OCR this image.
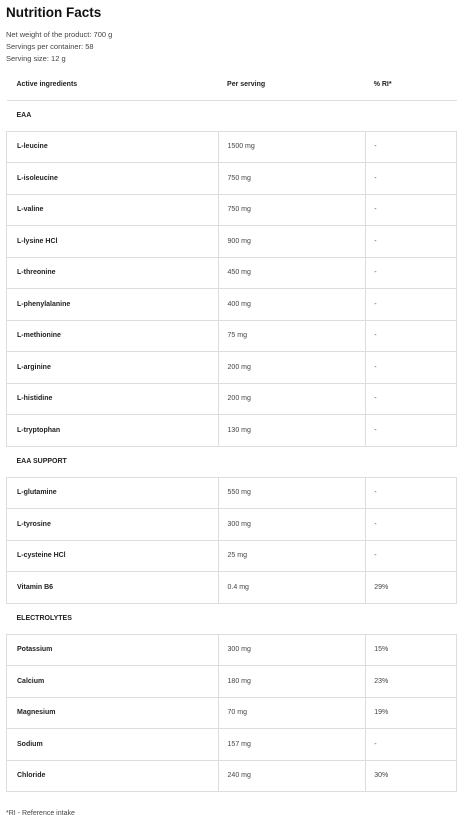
Nutrition Facts
Net weight of the product: 700 g
Servings per container: 58
Serving size: 12 g
Active ingredients	Per serving	% RI*
EAA		
L-leucine	1500 mg	-
L-isoleucine	750 mg	-
L-valine	750 mg	-
L-lysine HCl	900 mg	-
L-threonine	450 mg	-
L-phenylalanine	400 mg	-
L-methionine	75 mg	-
L-arginine	200 mg	-
L-histidine	200 mg	-
L-tryptophan	130 mg	-
EAA SUPPORT		
L-glutamine	550 mg	-
L-tyrosine	300 mg	-
L-cysteine HCl	25 mg	-
Vitamin B6	0.4 mg	29%
ELECTROLYTES		
Potassium	300 mg	15%
Calcium	180 mg	23%
Magnesium	70 mg	19%
Sodium	157 mg	-
Chloride	240 mg	30%
*RI - Reference intake
